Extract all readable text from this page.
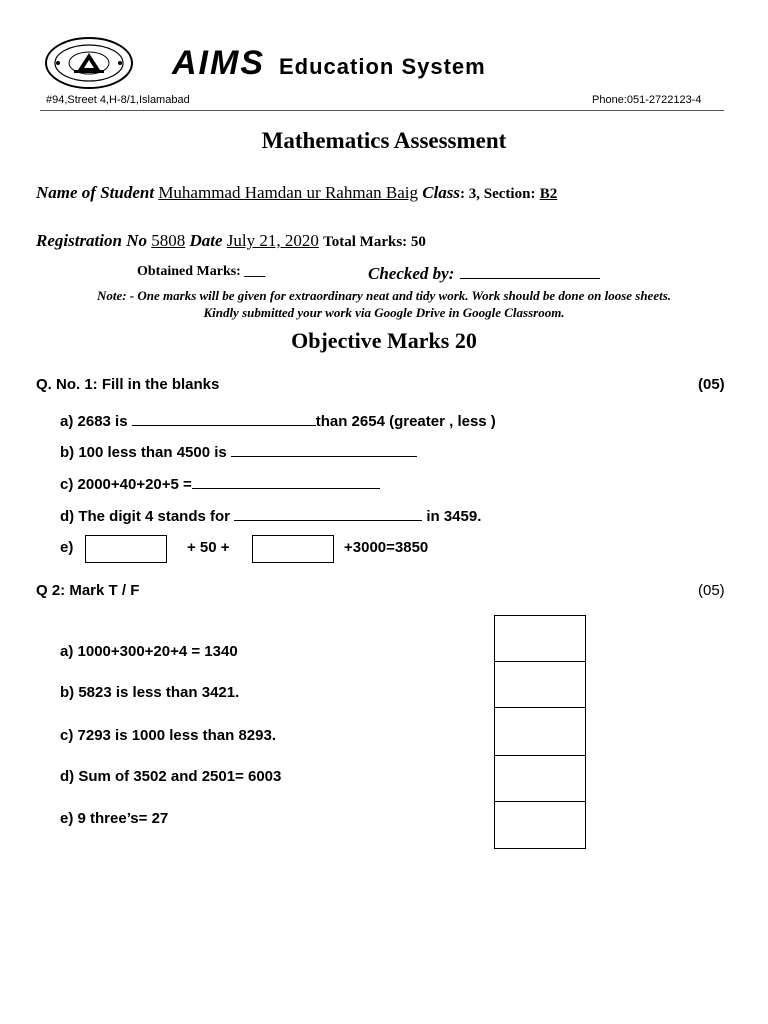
AIMS Education System
#94,Street 4,H-8/1,Islamabad	Phone:051-2722123-4
Mathematics Assessment
Name of Student Muhammad Hamdan ur Rahman Baig Class: 3, Section: B2
Registration No 5808 Date July 21, 2020 Total Marks: 50
Obtained Marks: ___	Checked by:
Note: - One marks will be given for extraordinary neat and tidy work. Work should be done on loose sheets.
Kindly submitted your work via Google Drive in Google Classroom.
Objective Marks 20
Q. No. 1: Fill in the blanks	(05)
a) 2683 is	than 2654 (greater , less )
b) 100 less than 4500 is
c) 2000+40+20+5 =
d) The digit 4 stands for	in 3459.
e)	+ 50 +	+3000=3850
Q 2: Mark T / F	(05)
a) 1000+300+20+4 = 1340
b) 5823 is less than 3421.
c) 7293 is 1000 less than 8293.
d) Sum of 3502 and 2501= 6003
e) 9 three’s= 27
